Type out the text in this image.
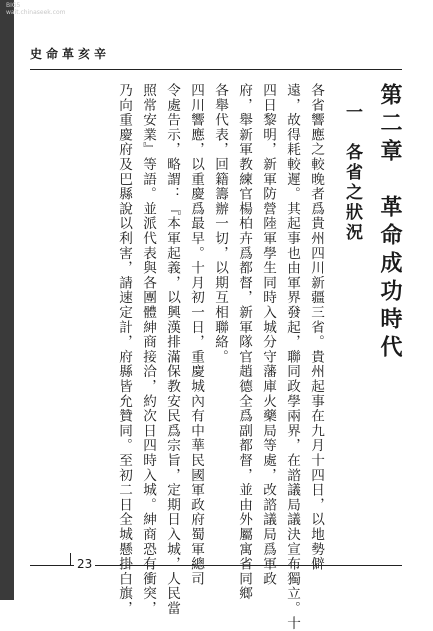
BIG5 wait.chinaseek.com
史命革亥辛
第二章　革命成功時代
一　各省之狀況
各省響應之較晚者爲貴州四川新疆三省。貴州起事在九月十四日，以地勢僻
遠，故得耗較遲。其起事也由軍界發起，聯同政學兩界，在諮議局議決宣布獨立。十
四日黎明，新軍防營陸軍學生同時入城分守藩庫火藥局等處，改諮議局爲軍政
府，舉新軍教練官楊柏卉爲都督，新軍隊官趙德全爲副都督，並由外屬寓省同鄉
各舉代表，回籍籌辦一切，以期互相聯絡。
四川響應，以重慶爲最早。十月初一日，重慶城內有中華民國軍政府蜀軍總司
令處告示，略謂：『本軍起義，以興漢排滿保教安民爲宗旨，定期日入城，人民當
照常安業』等語。並派代表與各團體紳商接洽，約次日四時入城。紳商恐有衝突，
乃向重慶府及巴縣說以利害，請速定計，府縣皆允贊同。至初二日全城懸掛白旗，
23
